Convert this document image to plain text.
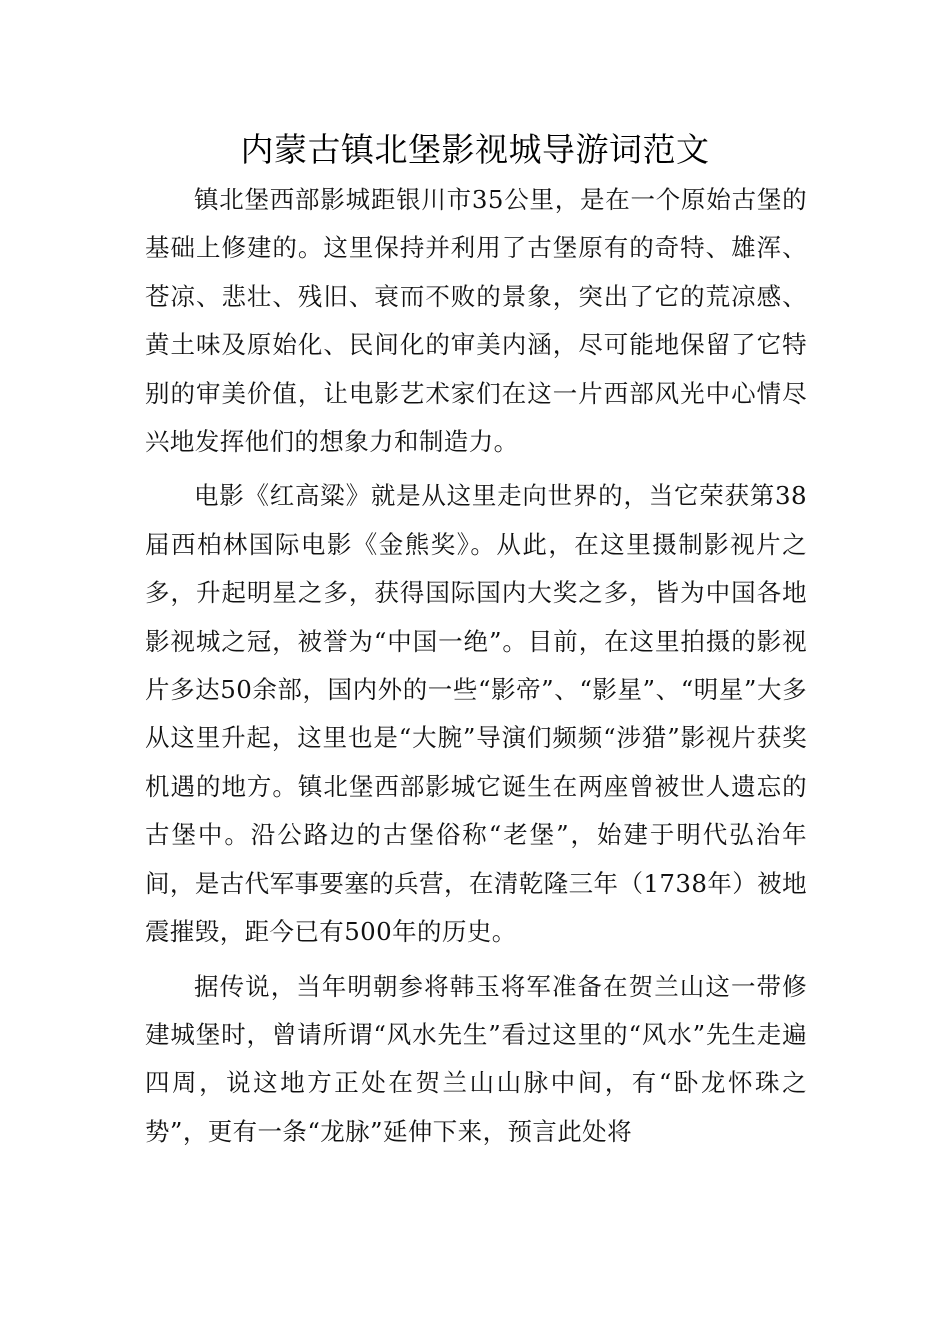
内蒙古镇北堡影视城导游词范文

镇北堡西部影城距银川市35公里，是在一个原始古堡的基础上修建的。这里保持并利用了古堡原有的奇特、雄浑、苍凉、悲壮、残旧、衰而不败的景象，突出了它的荒凉感、黄土味及原始化、民间化的审美内涵，尽可能地保留了它特别的审美价值，让电影艺术家们在这一片西部风光中心情尽兴地发挥他们的想象力和制造力。

电影《红高粱》就是从这里走向世界的，当它荣获第38届西柏林国际电影《金熊奖》。从此，在这里摄制影视片之多，升起明星之多，获得国际国内大奖之多，皆为中国各地影视城之冠，被誉为“中国一绝”。目前，在这里拍摄的影视片多达50余部，国内外的一些“影帝”、“影星”、“明星”大多从这里升起，这里也是“大腕”导演们频频“涉猎”影视片获奖机遇的地方。镇北堡西部影城它诞生在两座曾被世人遗忘的古堡中。沿公路边的古堡俗称“老堡”，始建于明代弘治年间，是古代军事要塞的兵营，在清乾隆三年（1738年）被地震摧毁，距今已有500年的历史。

据传说，当年明朝参将韩玉将军准备在贺兰山这一带修建城堡时，曾请所谓“风水先生”看过这里的“风水”先生走遍四周，说这地方正处在贺兰山山脉中间，有“卧龙怀珠之势”，更有一条“龙脉”延伸下来，预言此处将
